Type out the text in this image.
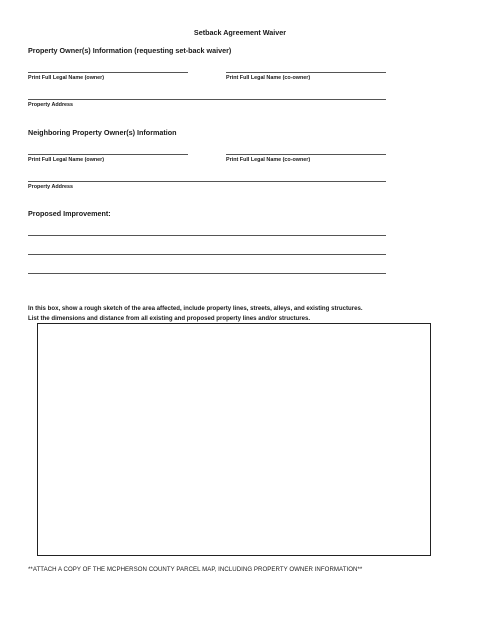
Setback Agreement Waiver
Property Owner(s) Information (requesting set-back waiver)
Print Full Legal Name (owner)	Print Full Legal Name (co-owner)
Property Address
Neighboring Property Owner(s) Information
Print Full Legal Name (owner)	Print Full Legal Name (co-owner)
Property Address
Proposed Improvement:
In this box, show a rough sketch of the area affected, include property lines, streets, alleys, and existing structures.
List the dimensions and distance from all existing and proposed property lines and/or structures.
**ATTACH A COPY OF THE MCPHERSON COUNTY PARCEL MAP, INCLUDING PROPERTY OWNER INFORMATION**
